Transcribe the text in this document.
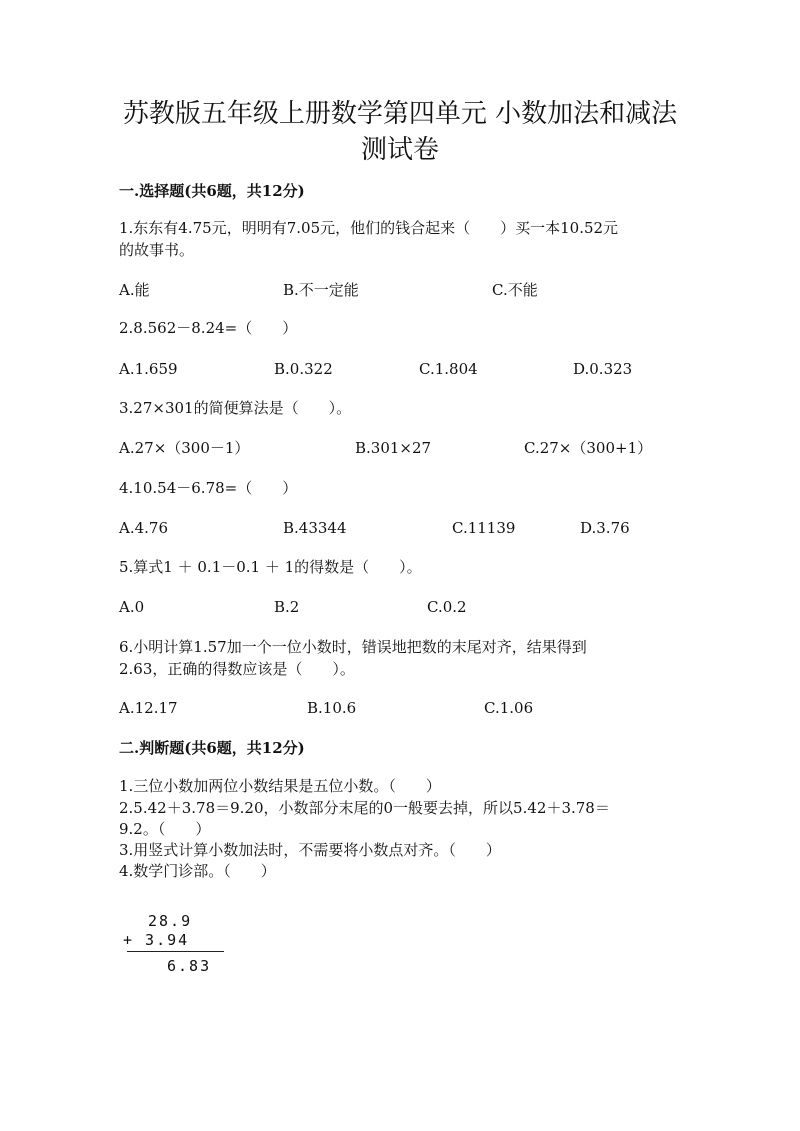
苏教版五年级上册数学第四单元 小数加法和减法
测试卷
一.选择题(共6题，共12分)
1.东东有4.75元，明明有7.05元，他们的钱合起来（　　）买一本10.52元
的故事书。
A.能	B.不一定能	C.不能
2.8.562－8.24=（　　）
A.1.659	B.0.322	C.1.804	D.0.323
3.27×301的简便算法是（　　）。
A.27×（300－1）	B.301×27	C.27×（300+1）
4.10.54－6.78=（　　）
A.4.76	B.43344	C.11139	D.3.76
5.算式1 ＋ 0.1－0.1 ＋ 1的得数是（　　）。
A.0	B.2	C.0.2
6.小明计算1.57加一个一位小数时，错误地把数的末尾对齐，结果得到
2.63，正确的得数应该是（　　）。
A.12.17	B.10.6	C.1.06
二.判断题(共6题，共12分)
1.三位小数加两位小数结果是五位小数。（　　）
2.5.42＋3.78＝9.20，小数部分末尾的0一般要去掉，所以5.42＋3.78＝
9.2。（　　）
3.用竖式计算小数加法时，不需要将小数点对齐。（　　）
4.数学门诊部。（　　）
28.9
+ 3.94
6.83
